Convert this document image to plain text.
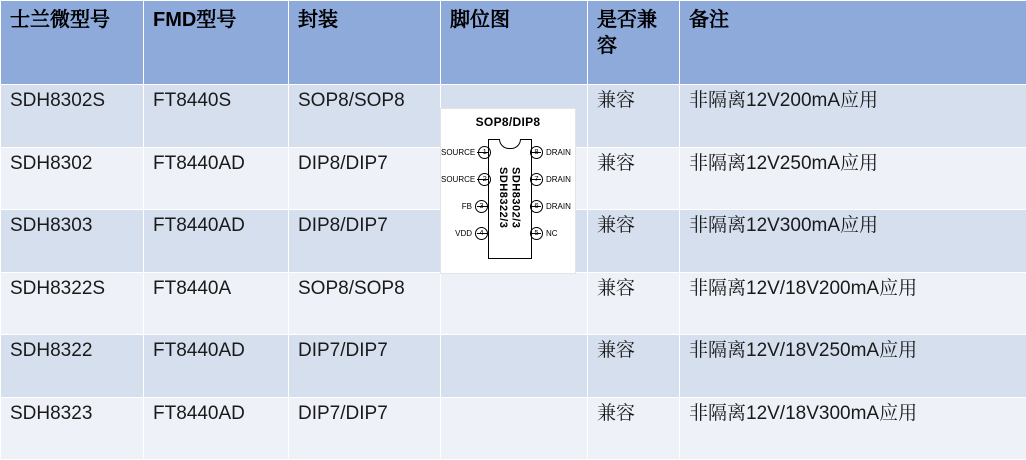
士兰微型号	FMD型号	封装	脚位图	是否兼容	备注
SDH8302S	FT8440S	SOP8/SOP8		兼容	非隔离12V200mA应用
SDH8302	FT8440AD	DIP8/DIP7		兼容	非隔离12V250mA应用
SDH8303	FT8440AD	DIP8/DIP7		兼容	非隔离12V300mA应用
SDH8322S	FT8440A	SOP8/SOP8		兼容	非隔离12V/18V200mA应用
SDH8322	FT8440AD	DIP7/DIP7		兼容	非隔离12V/18V250mA应用
SDH8323	FT8440AD	DIP7/DIP7		兼容	非隔离12V/18V300mA应用
SOP8/DIP8
SDH8302/3
SDH8322/3
SOURCE 1
SOURCE 2
FB 3
VDD 4
8 DRAIN
7 DRAIN
6 DRAIN
5 NC
